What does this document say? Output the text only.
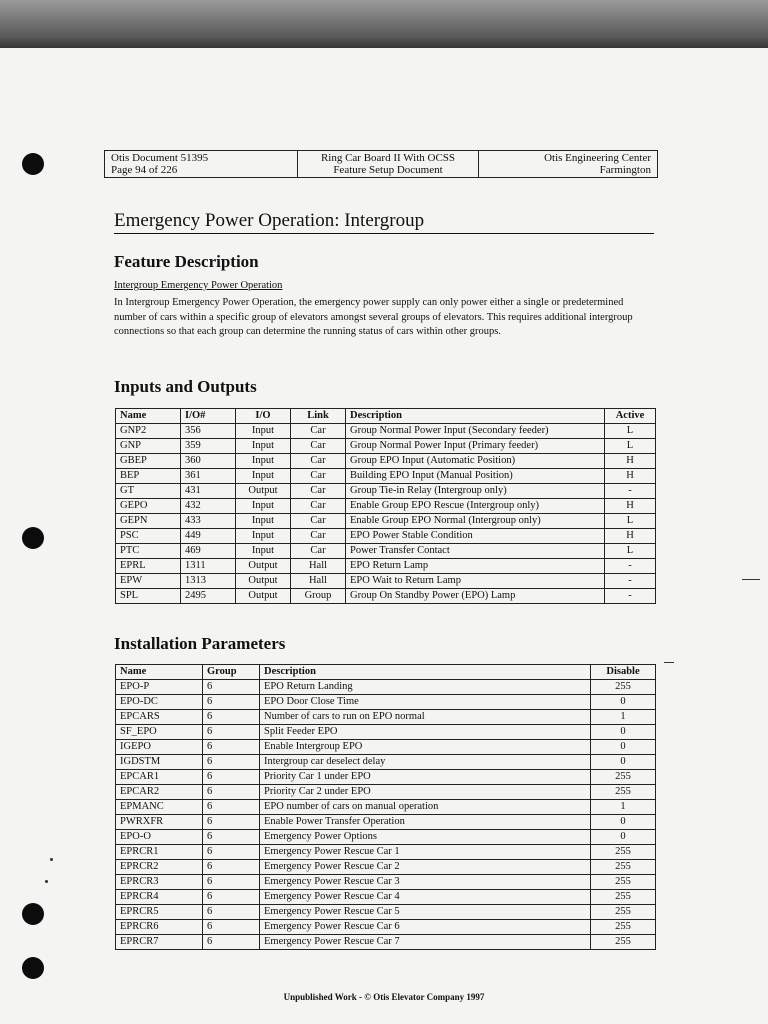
Otis Document 51395
Page 94 of 226
Ring Car Board II With OCSS
Feature Setup Document
Otis Engineering Center
Farmington
Emergency Power Operation: Intergroup
Feature Description
Intergroup Emergency Power Operation

In Intergroup Emergency Power Operation, the emergency power supply can only power either a single or predetermined number of cars within a specific group of elevators amongst several groups of elevators. This requires additional intergroup connections so that each group can determine the running status of cars within other groups.

Inputs and Outputs
Name	I/O#	I/O	Link	Description	Active
GNP2	356	Input	Car	Group Normal Power Input (Secondary feeder)	L
GNP	359	Input	Car	Group Normal Power Input (Primary feeder)	L
GBEP	360	Input	Car	Group EPO Input (Automatic Position)	H
BEP	361	Input	Car	Building EPO Input (Manual Position)	H
GT	431	Output	Car	Group Tie-in Relay (Intergroup only)	-
GEPO	432	Input	Car	Enable Group EPO Rescue (Intergroup only)	H
GEPN	433	Input	Car	Enable Group EPO Normal (Intergroup only)	L
PSC	449	Input	Car	EPO Power Stable Condition	H
PTC	469	Input	Car	Power Transfer Contact	L
EPRL	1311	Output	Hall	EPO Return Lamp	-
EPW	1313	Output	Hall	EPO Wait to Return Lamp	-
SPL	2495	Output	Group	Group On Standby Power (EPO) Lamp	-
Installation Parameters
Name	Group	Description	Disable
EPO-P	6	EPO Return Landing	255
EPO-DC	6	EPO Door Close Time	0
EPCARS	6	Number of cars to run on EPO normal	1
SF_EPO	6	Split Feeder EPO	0
IGEPO	6	Enable Intergroup EPO	0
IGDSTM	6	Intergroup car deselect delay	0
EPCAR1	6	Priority Car 1 under EPO	255
EPCAR2	6	Priority Car 2 under EPO	255
EPMANC	6	EPO number of cars on manual operation	1
PWRXFR	6	Enable Power Transfer Operation	0
EPO-O	6	Emergency Power Options	0
EPRCR1	6	Emergency Power Rescue Car 1	255
EPRCR2	6	Emergency Power Rescue Car 2	255
EPRCR3	6	Emergency Power Rescue Car 3	255
EPRCR4	6	Emergency Power Rescue Car 4	255
EPRCR5	6	Emergency Power Rescue Car 5	255
EPRCR6	6	Emergency Power Rescue Car 6	255
EPRCR7	6	Emergency Power Rescue Car 7	255
Unpublished Work - © Otis Elevator Company 1997
